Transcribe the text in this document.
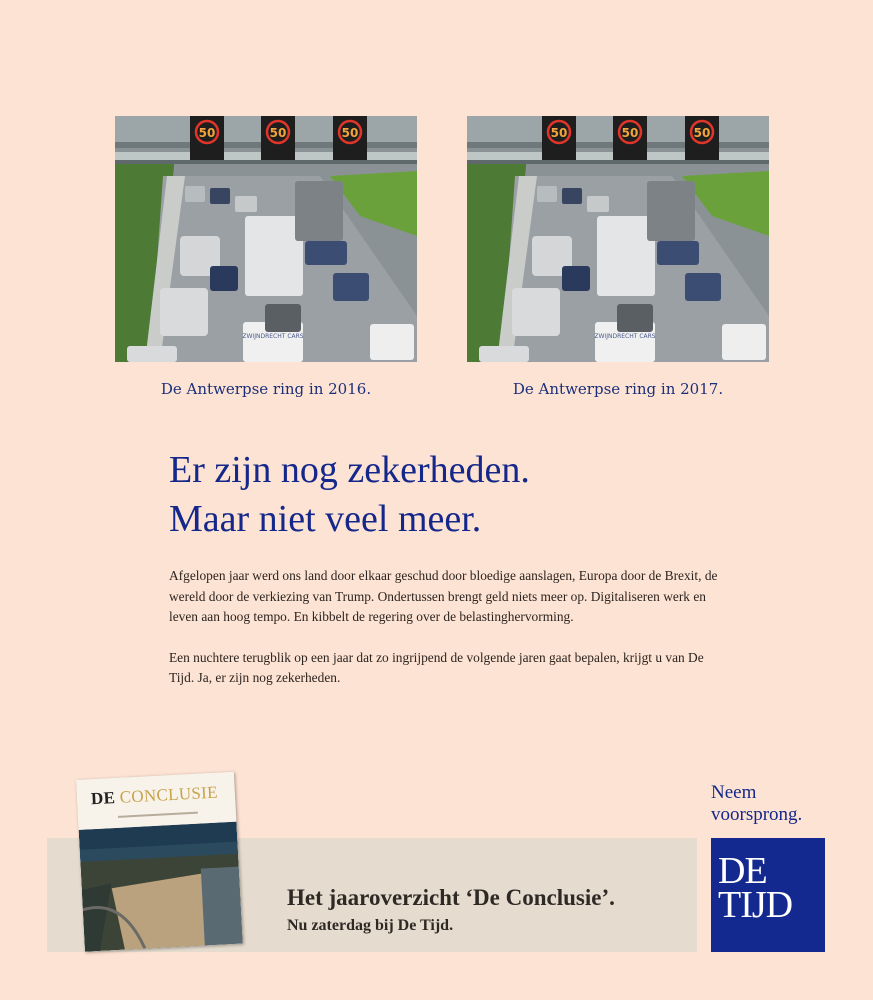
50	50	50
ZWIJNDRECHT CARS
De Antwerpse ring in 2016.
50	50	50
ZWIJNDRECHT CARS
De Antwerpse ring in 2017.
Er zijn nog zekerheden.
Maar niet veel meer.

Afgelopen jaar werd ons land door elkaar geschud door bloedige aanslagen, Europa door de Brexit, de wereld door de verkiezing van Trump. Ondertussen brengt geld niets meer op. Digitaliseren werk en leven aan hoog tempo. En kibbelt de regering over de belastinghervorming.

Een nuchtere terugblik op een jaar dat zo ingrijpend de volgende jaren gaat bepalen, krijgt u van De Tijd. Ja, er zijn nog zekerheden.

Het jaaroverzicht ‘De Conclusie’.
Nu zaterdag bij De Tijd.
DE CONCLUSIE	Neem
voorsprong.
DE
TIJD
